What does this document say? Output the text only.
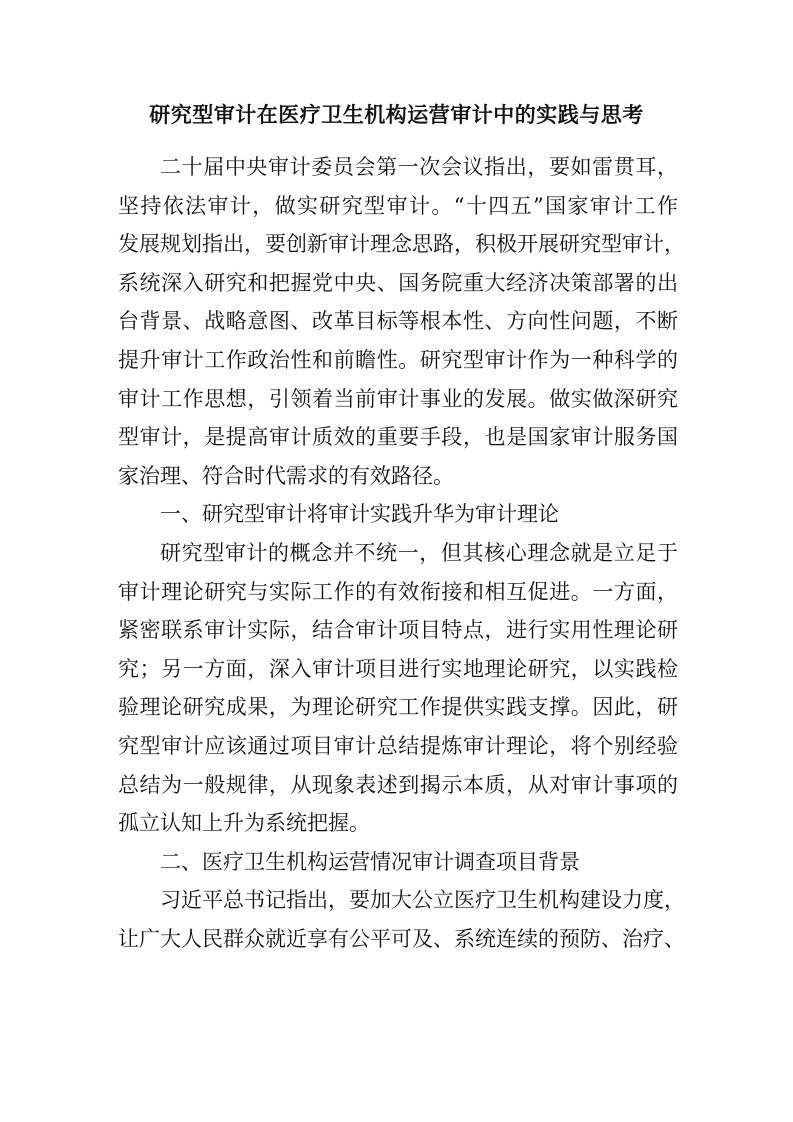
研究型审计在医疗卫生机构运营审计中的实践与思考
二十届中央审计委员会第一次会议指出，要如雷贯耳，
坚持依法审计，做实研究型审计。“十四五”国家审计工作
发展规划指出，要创新审计理念思路，积极开展研究型审计，
系统深入研究和把握党中央、国务院重大经济决策部署的出
台背景、战略意图、改革目标等根本性、方向性问题，不断
提升审计工作政治性和前瞻性。研究型审计作为一种科学的
审计工作思想，引领着当前审计事业的发展。做实做深研究
型审计，是提高审计质效的重要手段，也是国家审计服务国
家治理、符合时代需求的有效路径。
一、研究型审计将审计实践升华为审计理论
研究型审计的概念并不统一，但其核心理念就是立足于
审计理论研究与实际工作的有效衔接和相互促进。一方面，
紧密联系审计实际，结合审计项目特点，进行实用性理论研
究；另一方面，深入审计项目进行实地理论研究，以实践检
验理论研究成果，为理论研究工作提供实践支撑。因此，研
究型审计应该通过项目审计总结提炼审计理论，将个别经验
总结为一般规律，从现象表述到揭示本质，从对审计事项的
孤立认知上升为系统把握。
二、医疗卫生机构运营情况审计调查项目背景
习近平总书记指出，要加大公立医疗卫生机构建设力度，
让广大人民群众就近享有公平可及、系统连续的预防、治疗、
